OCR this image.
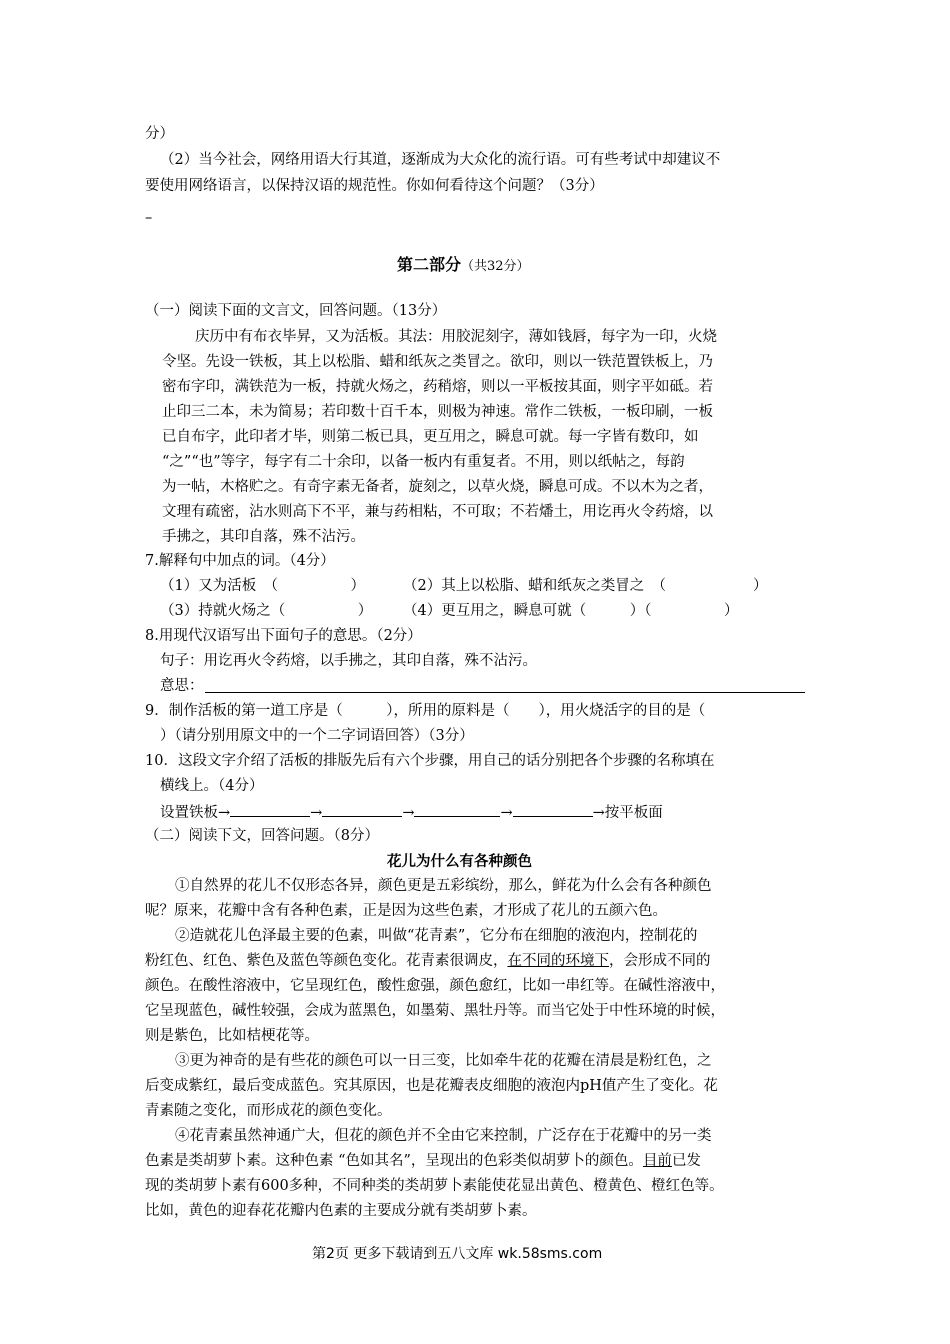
分）
（2）当今社会，网络用语大行其道，逐渐成为大众化的流行语。可有些考试中却建议不
要使用网络语言，以保持汉语的规范性。你如何看待这个问题？（3分）
–
第二部分（共32分）
（一）阅读下面的文言文，回答问题。（13分）
庆历中有布衣毕昇，又为活板。其法：用胶泥刻字，薄如钱唇，每字为一印，火烧
令坚。先设一铁板，其上以松脂、蜡和纸灰之类冒之。欲印，则以一铁范置铁板上，乃
密布字印，满铁范为一板，持就火炀之，药稍熔，则以一平板按其面，则字平如砥。若
止印三二本，未为简易；若印数十百千本，则极为神速。常作二铁板，一板印刷，一板
已自布字，此印者才毕，则第二板已具，更互用之，瞬息可就。每一字皆有数印，如
“之”“也”等字，每字有二十余印，以备一板内有重复者。不用，则以纸帖之，每韵
为一帖，木格贮之。有奇字素无备者，旋刻之，以草火烧，瞬息可成。不以木为之者，
文理有疏密，沾水则高下不平，兼与药相粘，不可取；不若燔土，用讫再火令药熔，以
手拂之，其印自落，殊不沾污。
7.解释句中加点的词。（4分）
（1）又为活板　（　　　　　）	（2）其上以松脂、蜡和纸灰之类冒之　（　　　　　　）
（3）持就火炀之（　　　　　） （4）更互用之，瞬息可就（　　　）（　　　　　）
8.用现代汉语写出下面句子的意思。（2分）
句子：用讫再火令药熔，以手拂之，其印自落，殊不沾污。
意思：
9．制作活板的第一道工序是（　　　），所用的原料是（　　），用火烧活字的目的是（
）（请分别用原文中的一个二字词语回答）（3分）
10．这段文字介绍了活板的排版先后有六个步骤，用自己的话分别把各个步骤的名称填在
横线上。（4分）
设置铁板→	→	→	→	→按平板面
（二）阅读下文，回答问题。（8分）
花儿为什么有各种颜色
①自然界的花儿不仅形态各异，颜色更是五彩缤纷，那么，鲜花为什么会有各种颜色
呢？原来，花瓣中含有各种色素，正是因为这些色素，才形成了花儿的五颜六色。
②造就花儿色泽最主要的色素，叫做“花青素”，它分布在细胞的液泡内，控制花的
粉红色、红色、紫色及蓝色等颜色变化。花青素很调皮，在不同的环境下，会形成不同的
颜色。在酸性溶液中，它呈现红色，酸性愈强，颜色愈红，比如一串红等。在碱性溶液中，
它呈现蓝色，碱性较强，会成为蓝黑色，如墨菊、黑牡丹等。而当它处于中性环境的时候，
则是紫色，比如桔梗花等。
③更为神奇的是有些花的颜色可以一日三变，比如牵牛花的花瓣在清晨是粉红色，之
后变成紫红，最后变成蓝色。究其原因，也是花瓣表皮细胞的液泡内pH值产生了变化。花
青素随之变化，而形成花的颜色变化。
④花青素虽然神通广大，但花的颜色并不全由它来控制，广泛存在于花瓣中的另一类
色素是类胡萝卜素。这种色素 “色如其名”，呈现出的色彩类似胡萝卜的颜色。目前已发
现的类胡萝卜素有600多种，不同种类的类胡萝卜素能使花显出黄色、橙黄色、橙红色等。
比如，黄色的迎春花花瓣内色素的主要成分就有类胡萝卜素。
第2页 更多下载请到五八文库 wk.58sms.com
